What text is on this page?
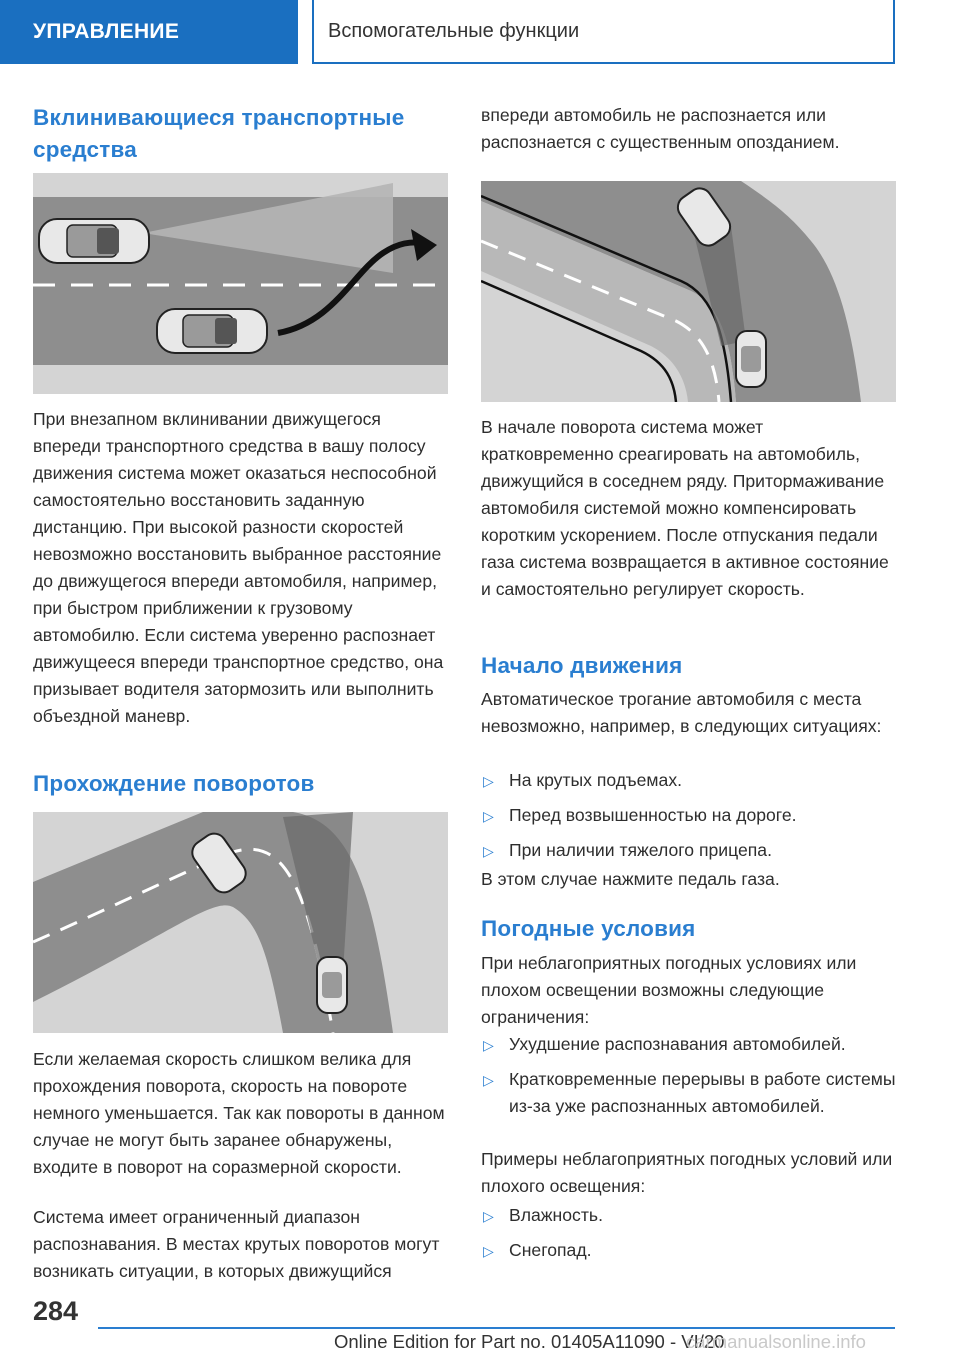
УПРАВЛЕНИЕ	Вспомогательные функции
Вклинивающиеся транспортные средства

При внезапном вклинивании движущегося впереди транспортного средства в вашу полосу движения система может оказаться неспособной самостоятельно восстановить заданную дистанцию. При высокой разности скоростей невозможно восстановить выбранное расстояние до движущегося впереди автомобиля, например, при быстром приближении к грузовому автомобилю. Если система уверенно распознает движущееся впереди транспортное средство, она призывает водителя затормозить или выполнить объездной маневр.

Прохождение поворотов

Если желаемая скорость слишком велика для прохождения поворота, скорость на повороте немного уменьшается. Так как повороты в данном случае не могут быть заранее обнаружены, входите в поворот на соразмерной скорости.

Система имеет ограниченный диапазон распознавания. В местах крутых поворотов могут возникать ситуации, в которых движущийся

впереди автомобиль не распознается или распознается с существенным опозданием.

В начале поворота система может кратковременно среагировать на автомобиль, движущийся в соседнем ряду. Притормаживание автомобиля системой можно компенсировать коротким ускорением. После отпускания педали газа система возвращается в активное состояние и самостоятельно регулирует скорость.

Начало движения

Автоматическое трогание автомобиля с места невозможно, например, в следующих ситуациях:

▷ На крутых подъемах.
▷ Перед возвышенностью на дороге.
▷ При наличии тяжелого прицепа.

В этом случае нажмите педаль газа.

Погодные условия

При неблагоприятных погодных условиях или плохом освещении возможны следующие ограничения:

▷ Ухудшение распознавания автомобилей.
▷ Кратковременные перерывы в работе системы из-за уже распознанных автомобилей.

Примеры неблагоприятных погодных условий или плохого освещения:

▷ Влажность.
▷ Снегопад.
284
Online Edition for Part no. 01405A11090 - VI/20
carmanualsonline.info
